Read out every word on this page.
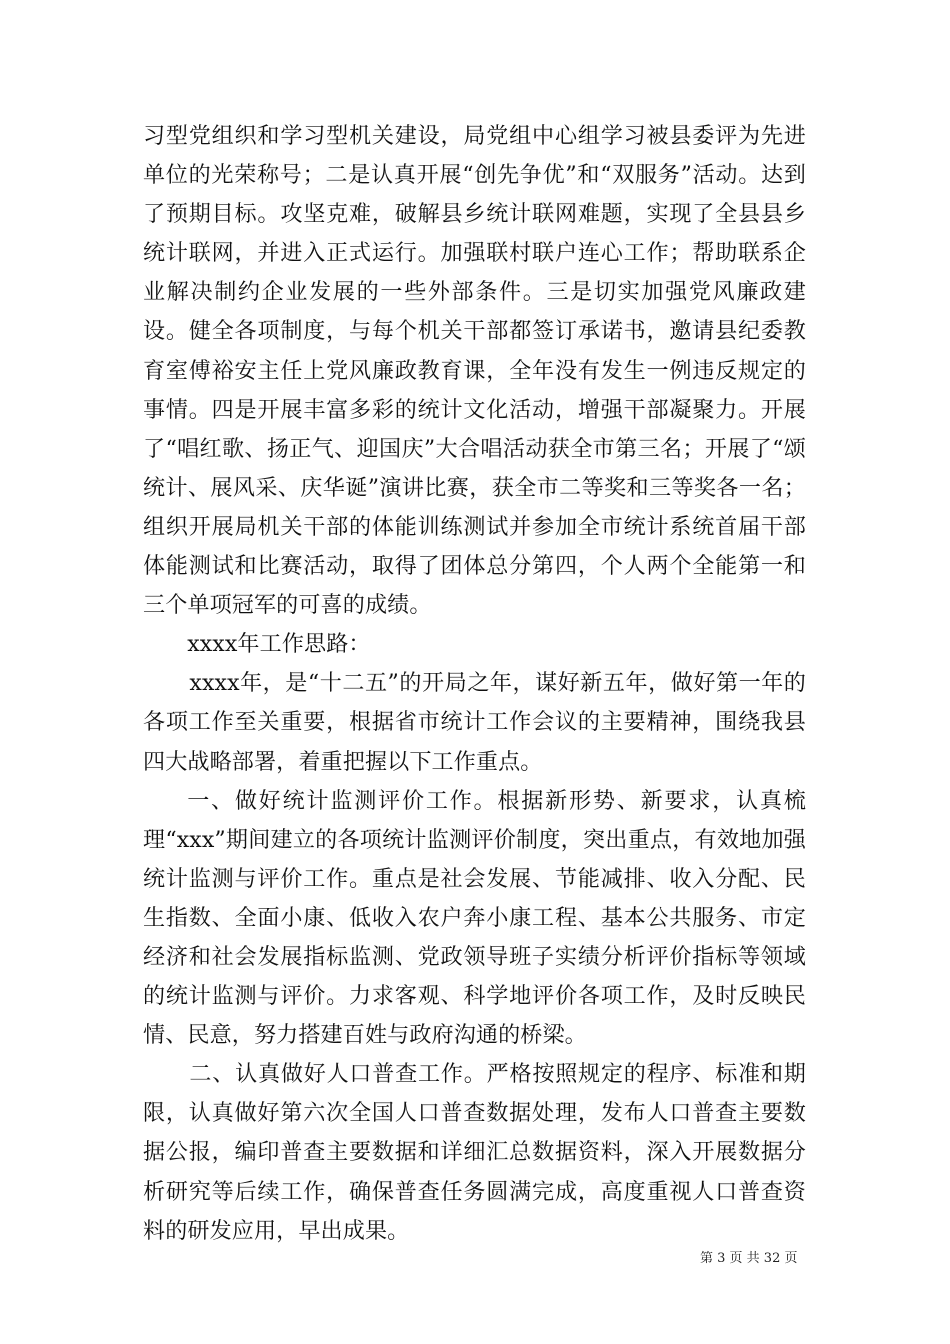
习型党组织和学习型机关建设，局党组中心组学习被县委评为先进单位的光荣称号；二是认真开展“创先争优”和“双服务”活动。达到了预期目标。攻坚克难，破解县乡统计联网难题，实现了全县县乡统计联网，并进入正式运行。加强联村联户连心工作；帮助联系企业解决制约企业发展的一些外部条件。三是切实加强党风廉政建设。健全各项制度，与每个机关干部都签订承诺书，邀请县纪委教育室傅裕安主任上党风廉政教育课，全年没有发生一例违反规定的事情。四是开展丰富多彩的统计文化活动，增强干部凝聚力。开展了“唱红歌、扬正气、迎国庆”大合唱活动获全市第三名；开展了“颂统计、展风采、庆华诞”演讲比赛，获全市二等奖和三等奖各一名；组织开展局机关干部的体能训练测试并参加全市统计系统首届干部体能测试和比赛活动，取得了团体总分第四，个人两个全能第一和三个单项冠军的可喜的成绩。

xxxx年工作思路：

xxxx年，是“十二五”的开局之年，谋好新五年，做好第一年的各项工作至关重要，根据省市统计工作会议的主要精神，围绕我县四大战略部署，着重把握以下工作重点。

一、做好统计监测评价工作。根据新形势、新要求，认真梳理“xxx”期间建立的各项统计监测评价制度，突出重点，有效地加强统计监测与评价工作。重点是社会发展、节能减排、收入分配、民生指数、全面小康、低收入农户奔小康工程、基本公共服务、市定经济和社会发展指标监测、党政领导班子实绩分析评价指标等领域的统计监测与评价。力求客观、科学地评价各项工作，及时反映民情、民意，努力搭建百姓与政府沟通的桥梁。

二、认真做好人口普查工作。严格按照规定的程序、标准和期限，认真做好第六次全国人口普查数据处理，发布人口普查主要数据公报，编印普查主要数据和详细汇总数据资料，深入开展数据分析研究等后续工作，确保普查任务圆满完成，高度重视人口普查资料的研发应用，早出成果。

第 3 页 共 32 页
